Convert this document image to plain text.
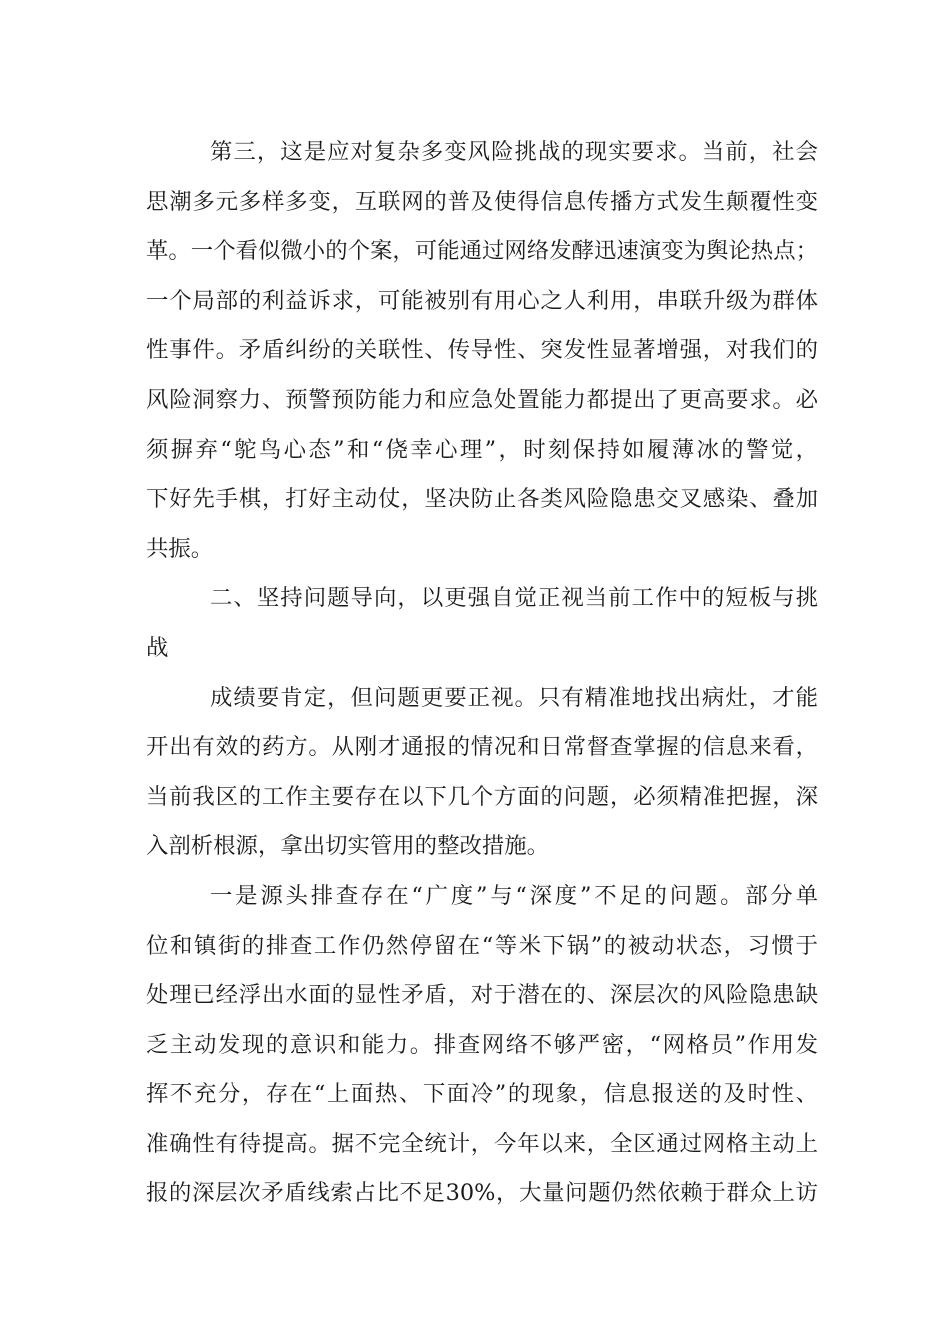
第三，这是应对复杂多变风险挑战的现实要求。当前，社会
思潮多元多样多变，互联网的普及使得信息传播方式发生颠覆性变
革。一个看似微小的个案，可能通过网络发酵迅速演变为舆论热点；
一个局部的利益诉求，可能被别有用心之人利用，串联升级为群体
性事件。矛盾纠纷的关联性、传导性、突发性显著增强，对我们的
风险洞察力、预警预防能力和应急处置能力都提出了更高要求。必
须摒弃“鸵鸟心态”和“侥幸心理”，时刻保持如履薄冰的警觉，
下好先手棋，打好主动仗，坚决防止各类风险隐患交叉感染、叠加
共振。
二、坚持问题导向，以更强自觉正视当前工作中的短板与挑
战
成绩要肯定，但问题更要正视。只有精准地找出病灶，才能
开出有效的药方。从刚才通报的情况和日常督查掌握的信息来看，
当前我区的工作主要存在以下几个方面的问题，必须精准把握，深
入剖析根源，拿出切实管用的整改措施。
一是源头排查存在“广度”与“深度”不足的问题。部分单
位和镇街的排查工作仍然停留在“等米下锅”的被动状态，习惯于
处理已经浮出水面的显性矛盾，对于潜在的、深层次的风险隐患缺
乏主动发现的意识和能力。排查网络不够严密，“网格员”作用发
挥不充分，存在“上面热、下面冷”的现象，信息报送的及时性、
准确性有待提高。据不完全统计，今年以来，全区通过网格主动上
报的深层次矛盾线索占比不足30%，大量问题仍然依赖于群众上访
